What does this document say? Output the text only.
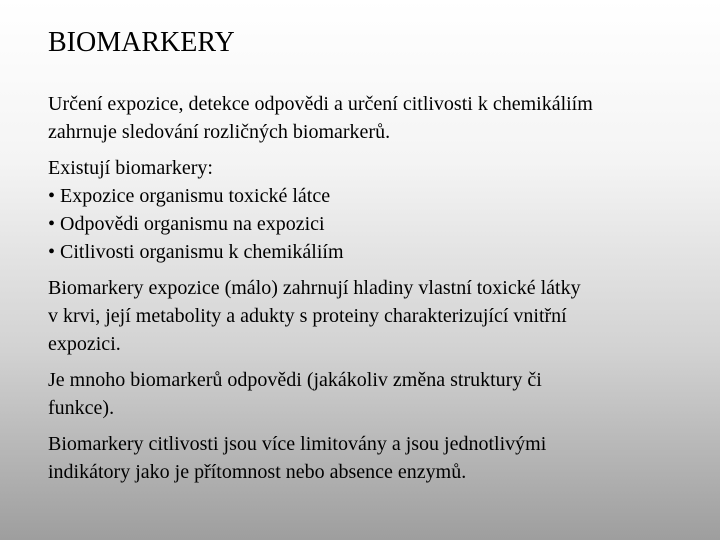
BIOMARKERY

Určení expozice, detekce odpovědi a určení citlivosti k chemikáliím
zahrnuje sledování rozličných biomarkerů.

Existují biomarkery:
• Expozice organismu toxické látce
• Odpovědi organismu na expozici
• Citlivosti organismu k chemikáliím

Biomarkery expozice (málo) zahrnují hladiny vlastní toxické látky
v krvi, její metabolity a adukty s proteiny charakterizující vnitřní
expozici.

Je mnoho biomarkerů odpovědi (jakákoliv změna struktury či
funkce).

Biomarkery citlivosti jsou více limitovány a jsou jednotlivými
indikátory jako je přítomnost nebo absence enzymů.
